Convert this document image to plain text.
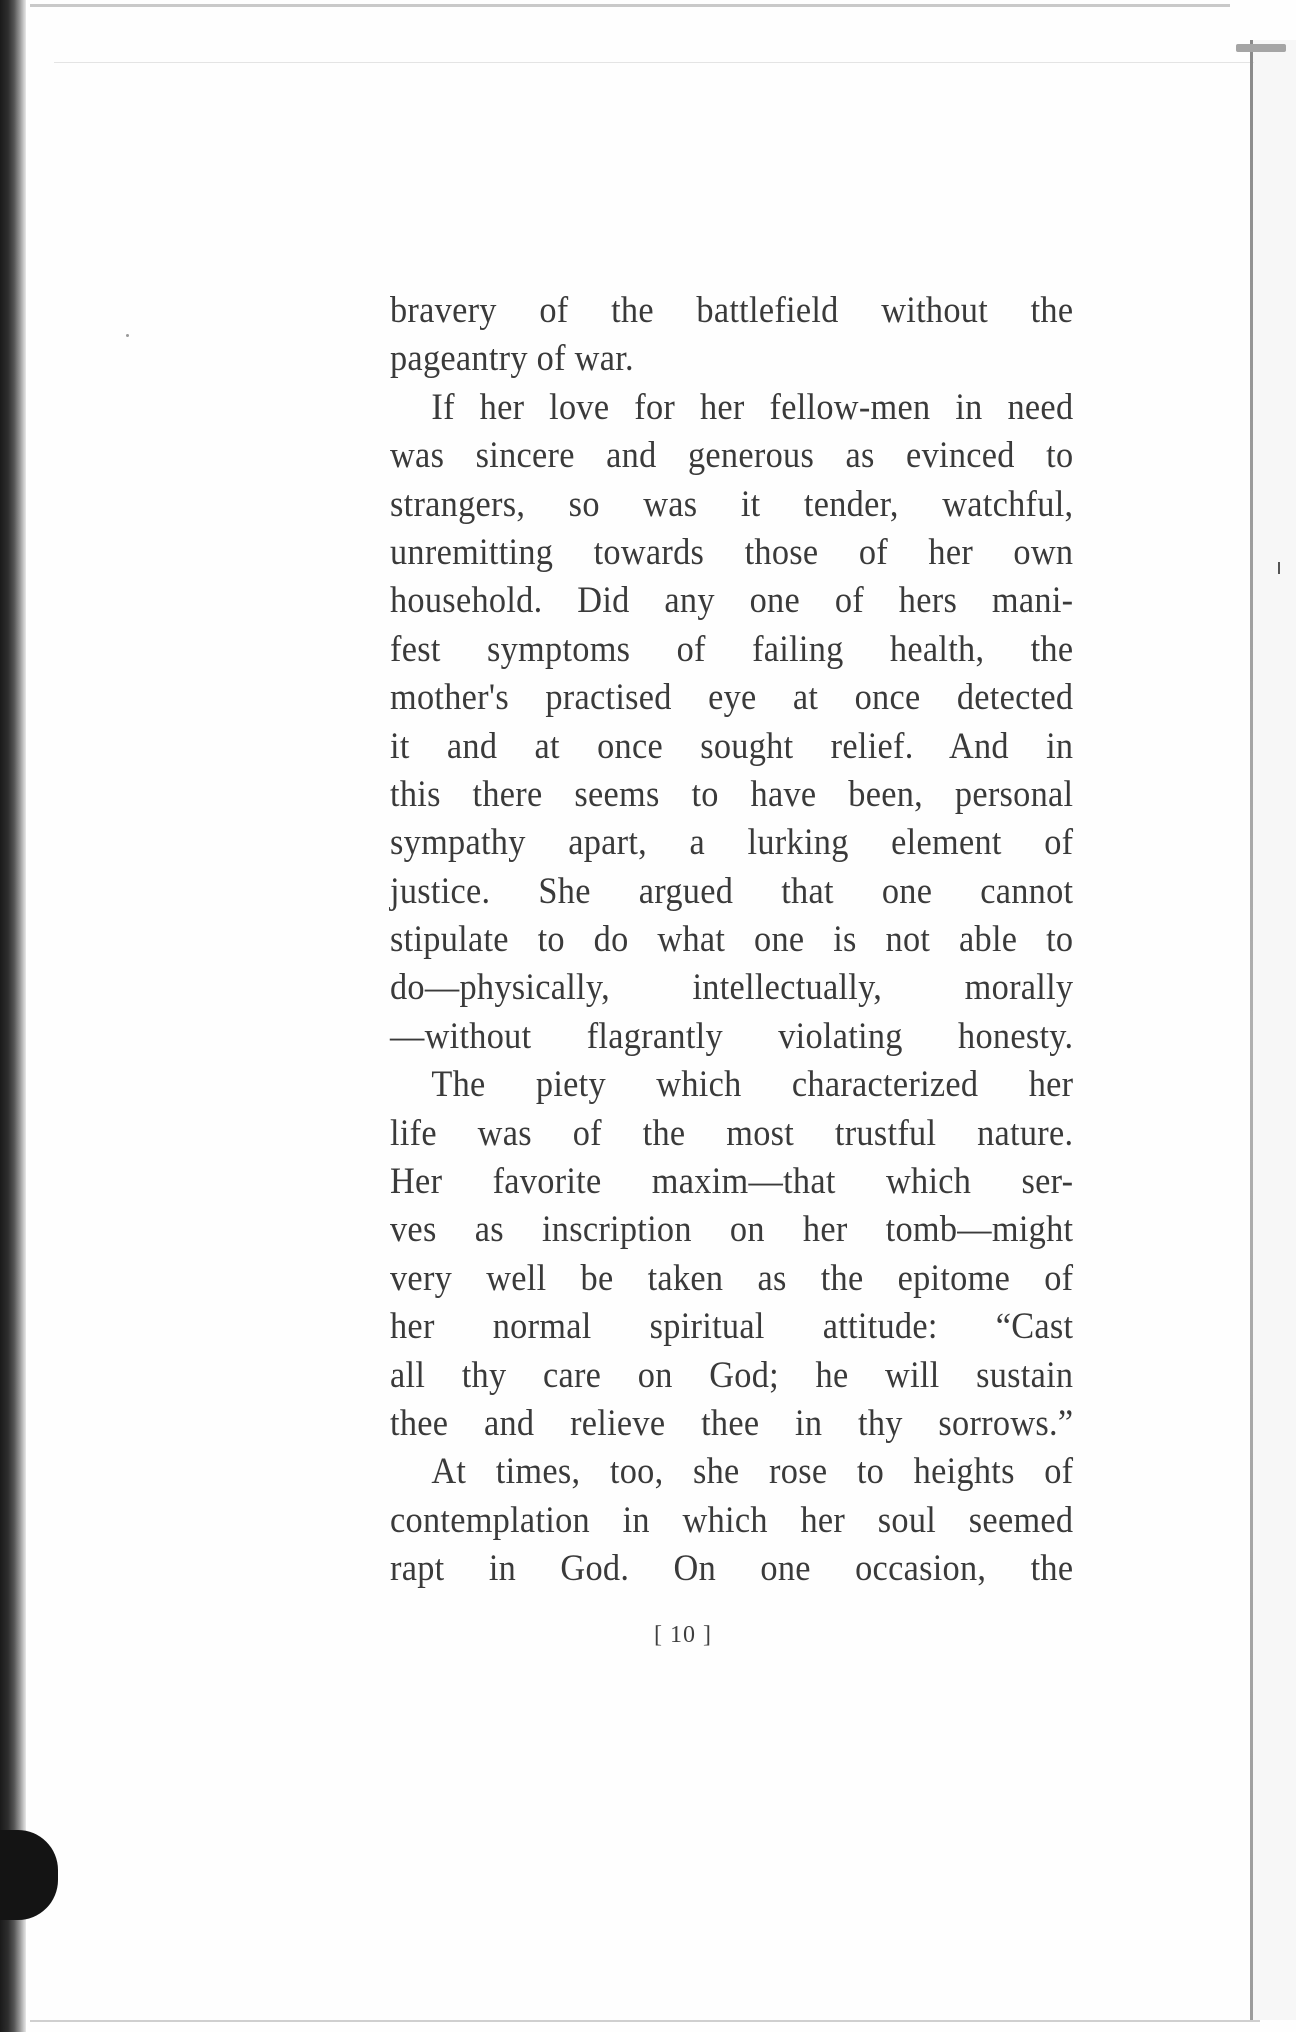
bravery of the battlefield without the
pageantry of war.
If her love for her fellow-men in need
was sincere and generous as evinced to
strangers, so was it tender, watchful,
unremitting towards those of her own
household. Did any one of hers mani-
fest symptoms of failing health, the
mother's practised eye at once detected
it and at once sought relief. And in
this there seems to have been, personal
sympathy apart, a lurking element of
justice. She argued that one cannot
stipulate to do what one is not able to
do—physically, intellectually, morally
—without flagrantly violating honesty.
The piety which characterized her
life was of the most trustful nature.
Her favorite maxim—that which ser-
ves as inscription on her tomb—might
very well be taken as the epitome of
her normal spiritual attitude: “Cast
all thy care on God; he will sustain
thee and relieve thee in thy sorrows.”
At times, too, she rose to heights of
contemplation in which her soul seemed
rapt in God. On one occasion, the
[ 10 ]
